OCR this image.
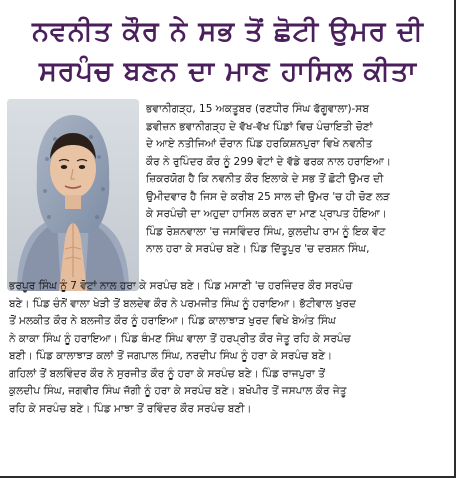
ਨਵਨੀਤ ਕੌਰ ਨੇ ਸਭ ਤੋਂ ਛੋਟੀ ਉਮਰ ਦੀ
ਸਰਪੰਚ ਬਣਨ ਦਾ ਮਾਣ ਹਾਸਿਲ ਕੀਤਾ
ਭਵਾਨੀਗੜ੍ਹ, 15 ਅਕਤੂਬਰ (ਰਣਧੀਰ ਸਿੰਘ ਫੱਗੂਵਾਲਾ)-ਸਬ
ਡਵੀਜ਼ਨ ਭਵਾਨੀਗੜ੍ਹ ਦੇ ਵੱਖ-ਵੱਖ ਪਿੰਡਾਂ ਵਿਚ ਪੰਚਾਇਤੀ ਚੋਣਾਂ
ਦੇ ਆਏ ਨਤੀਜਿਆਂ ਦੌਰਾਨ ਪਿੰਡ ਹਰਕਿਸ਼ਨਪੁਰਾ ਵਿਖੇ ਨਵਨੀਤ
ਕੌਰ ਨੇ ਰੁਪਿੰਦਰ ਕੌਰ ਨੂੰ 299 ਵੋਟਾਂ ਦੇ ਵੱਡੇ ਫਰਕ ਨਾਲ ਹਰਾਇਆ।
ਜ਼ਿਕਰਯੋਗ ਹੈ ਕਿ ਨਵਨੀਤ ਕੌਰ ਇਲਾਕੇ ਦੇ ਸਭ ਤੋਂ ਛੋਟੀ ਉਮਰ ਦੀ
ਉਮੀਦਵਾਰ ਹੈ ਜਿਸ ਦੇ ਕਰੀਬ 25 ਸਾਲ ਦੀ ਉਮਰ 'ਚ ਹੀ ਚੋਣ ਲੜ
ਕੇ ਸਰਪੰਚੀ ਦਾ ਅਹੁਦਾ ਹਾਸਿਲ ਕਰਨ ਦਾ ਮਾਣ ਪ੍ਰਾਪਤ ਹੋਇਆ।
ਪਿੰਡ ਰੋਸ਼ਨਵਾਲਾ 'ਚ ਜਸਵਿੰਦਰ ਸਿੰਘ, ਕੁਲਦੀਪ ਰਾਮ ਨੂੰ ਇਕ ਵੋਟ
ਨਾਲ ਹਰਾ ਕੇ ਸਰਪੰਚ ਬਣੇ। ਪਿੰਡ ਦਿੱਤੂਪੁਰ 'ਚ ਦਰਸ਼ਨ ਸਿੰਘ,
ਭਰਪੂਰ ਸਿੰਘ ਨੂੰ 7 ਵੋਟਾਂ ਨਾਲ ਹਰਾ ਕੇ ਸਰਪੰਚ ਬਣੇ। ਪਿੰਡ ਮਸਾਣੀ 'ਚ ਹਰਜਿੰਦਰ ਕੌਰ ਸਰਪੰਚ
ਬਣੇ। ਪਿੰਡ ਚੰਨੋਂ ਵਾਲਾ ਖੇੜੀ ਤੋਂ ਬਲਦੇਵ ਕੌਰ ਨੇ ਪਰਮਜੀਤ ਸਿੰਘ ਨੂੰ ਹਰਾਇਆ। ਭੱਟੀਵਾਲ ਖੁਰਦ
ਤੋਂ ਮਲਕੀਤ ਕੌਰ ਨੇ ਬਲਜੀਤ ਕੌਰ ਨੂੰ ਹਰਾਇਆ। ਪਿੰਡ ਕਾਲਾਝਾੜ ਖੁਰਦ ਵਿਖੇ ਬੇਅੰਤ ਸਿੰਘ
ਨੇ ਕਾਕਾ ਸਿੰਘ ਨੂੰ ਹਰਾਇਆ। ਪਿੰਡ ਥੰਮਣ ਸਿੰਘ ਵਾਲਾ ਤੋਂ ਹਰਪ੍ਰੀਤ ਕੌਰ ਜੇਤੂ ਰਹਿ ਕੇ ਸਰਪੰਚ
ਬਣੀ। ਪਿੰਡ ਕਾਲਾਝਾੜ ਕਲਾਂ ਤੋਂ ਜਗਪਾਲ ਸਿੰਘ, ਨਰਦੀਪ ਸਿੰਘ ਨੂੰ ਹਰਾ ਕੇ ਸਰਪੰਚ ਬਣੇ।
ਗਹਿਲਾਂ ਤੋਂ ਬਲਵਿੰਦਰ ਕੌਰ ਨੇ ਸੁਰਜੀਤ ਕੌਰ ਨੂੰ ਹਰਾ ਕੇ ਸਰਪੰਚ ਬਣੇ। ਪਿੰਡ ਰਾਜਪੁਰਾ ਤੋਂ
ਕੁਲਦੀਪ ਸਿੰਘ, ਜਗਵੀਰ ਸਿੰਘ ਜੱਗੀ ਨੂੰ ਹਰਾ ਕੇ ਸਰਪੰਚ ਬਣੇ। ਬਖੋਪੀਰ ਤੋਂ ਜਸਪਾਲ ਕੌਰ ਜੇਤੂ
ਰਹਿ ਕੇ ਸਰਪੰਚ ਬਣੇ। ਪਿੰਡ ਮਾਝਾ ਤੋਂ ਰਵਿੰਦਰ ਕੌਰ ਸਰਪੰਚ ਬਣੀ।
